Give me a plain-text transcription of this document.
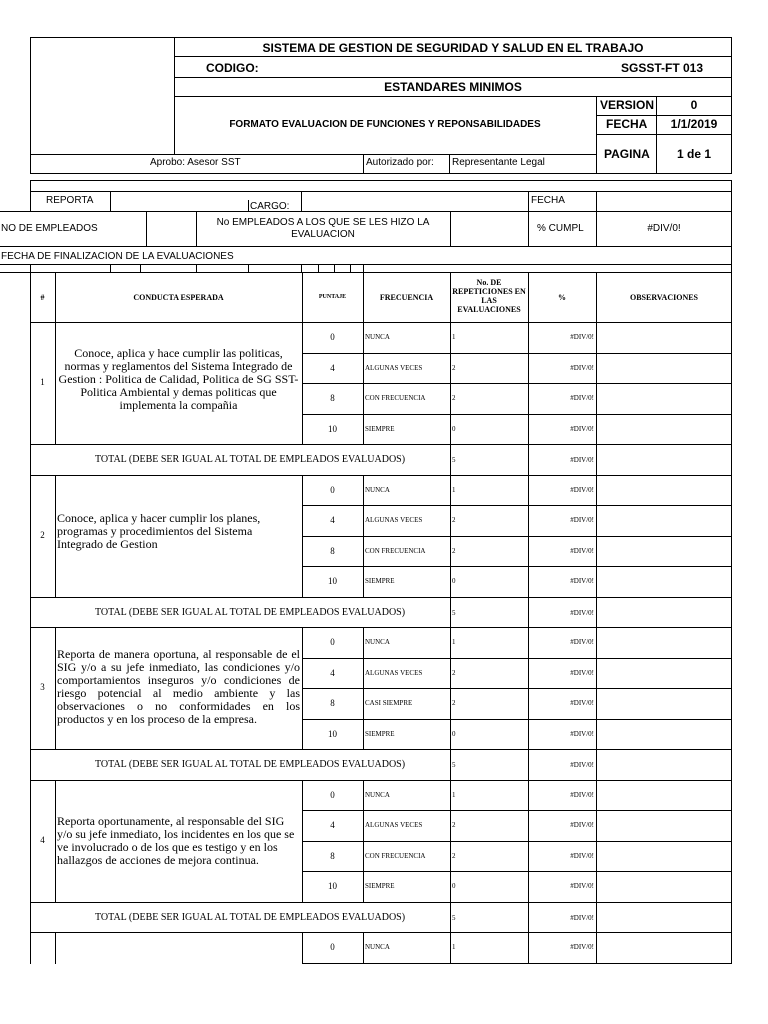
SISTEMA DE GESTION DE SEGURIDAD Y SALUD EN EL TRABAJO
CODIGO:	SGSST-FT 013
ESTANDARES MINIMOS
FORMATO EVALUACION DE FUNCIONES Y REPONSABILIDADES
VERSION	0
FECHA	1/1/2019
PAGINA	1 de 1
Aprobo: Asesor SST	Autorizado por: Representante Legal
REPORTA
CARGO:
FECHA
NO DE EMPLEADOS
No EMPLEADOS A LOS QUE SE LES HIZO LA
EVALUACION
% CUMPL	#DIV/0!
FECHA DE FINALIZACION DE LA EVALUACIONES
#	CONDUCTA ESPERADA	PUNTAJE	FRECUENCIA
No. DE
REPETICIONES EN
LAS
EVALUACIONES
%	OBSERVACIONES
1
Conoce, aplica y hace cumplir las politicas, normas y reglamentos del Sistema Integrado de Gestion : Politica de Calidad, Politica de SG SST- Politica Ambiental y demas politicas que implementa la compañia
0	NUNCA	1	#DIV/0!
4	ALGUNAS VECES	2	#DIV/0!
8	CON FRECUENCIA	2	#DIV/0!
10	SIEMPRE	0	#DIV/0!
TOTAL (DEBE SER IGUAL AL TOTAL DE EMPLEADOS EVALUADOS)	5	#DIV/0!
2
Conoce, aplica y hacer cumplir los planes, programas y procedimientos del Sistema Integrado de Gestion
0	NUNCA	1	#DIV/0!
4	ALGUNAS VECES	2	#DIV/0!
8	CON FRECUENCIA	2	#DIV/0!
10	SIEMPRE	0	#DIV/0!
TOTAL (DEBE SER IGUAL AL TOTAL DE EMPLEADOS EVALUADOS)	5	#DIV/0!
3
Reporta de manera oportuna, al responsable de el SIG y/o a su jefe inmediato, las condiciones y/o comportamientos inseguros y/o condiciones de riesgo potencial al medio ambiente y las observaciones o no conformidades en los productos y en los proceso de la empresa.
0	NUNCA	1	#DIV/0!
4	ALGUNAS VECES	2	#DIV/0!
8	CASI SIEMPRE	2	#DIV/0!
10	SIEMPRE	0	#DIV/0!
TOTAL (DEBE SER IGUAL AL TOTAL DE EMPLEADOS EVALUADOS)	5	#DIV/0!
4
Reporta oportunamente, al responsable del SIG y/o su jefe inmediato, los incidentes en los que se ve involucrado o de los que es testigo y en los hallazgos de acciones de mejora continua.
0	NUNCA	1	#DIV/0!
4	ALGUNAS VECES	2	#DIV/0!
8	CON FRECUENCIA	2	#DIV/0!
10	SIEMPRE	0	#DIV/0!
TOTAL (DEBE SER IGUAL AL TOTAL DE EMPLEADOS EVALUADOS)	5	#DIV/0!
0	NUNCA	1	#DIV/0!
